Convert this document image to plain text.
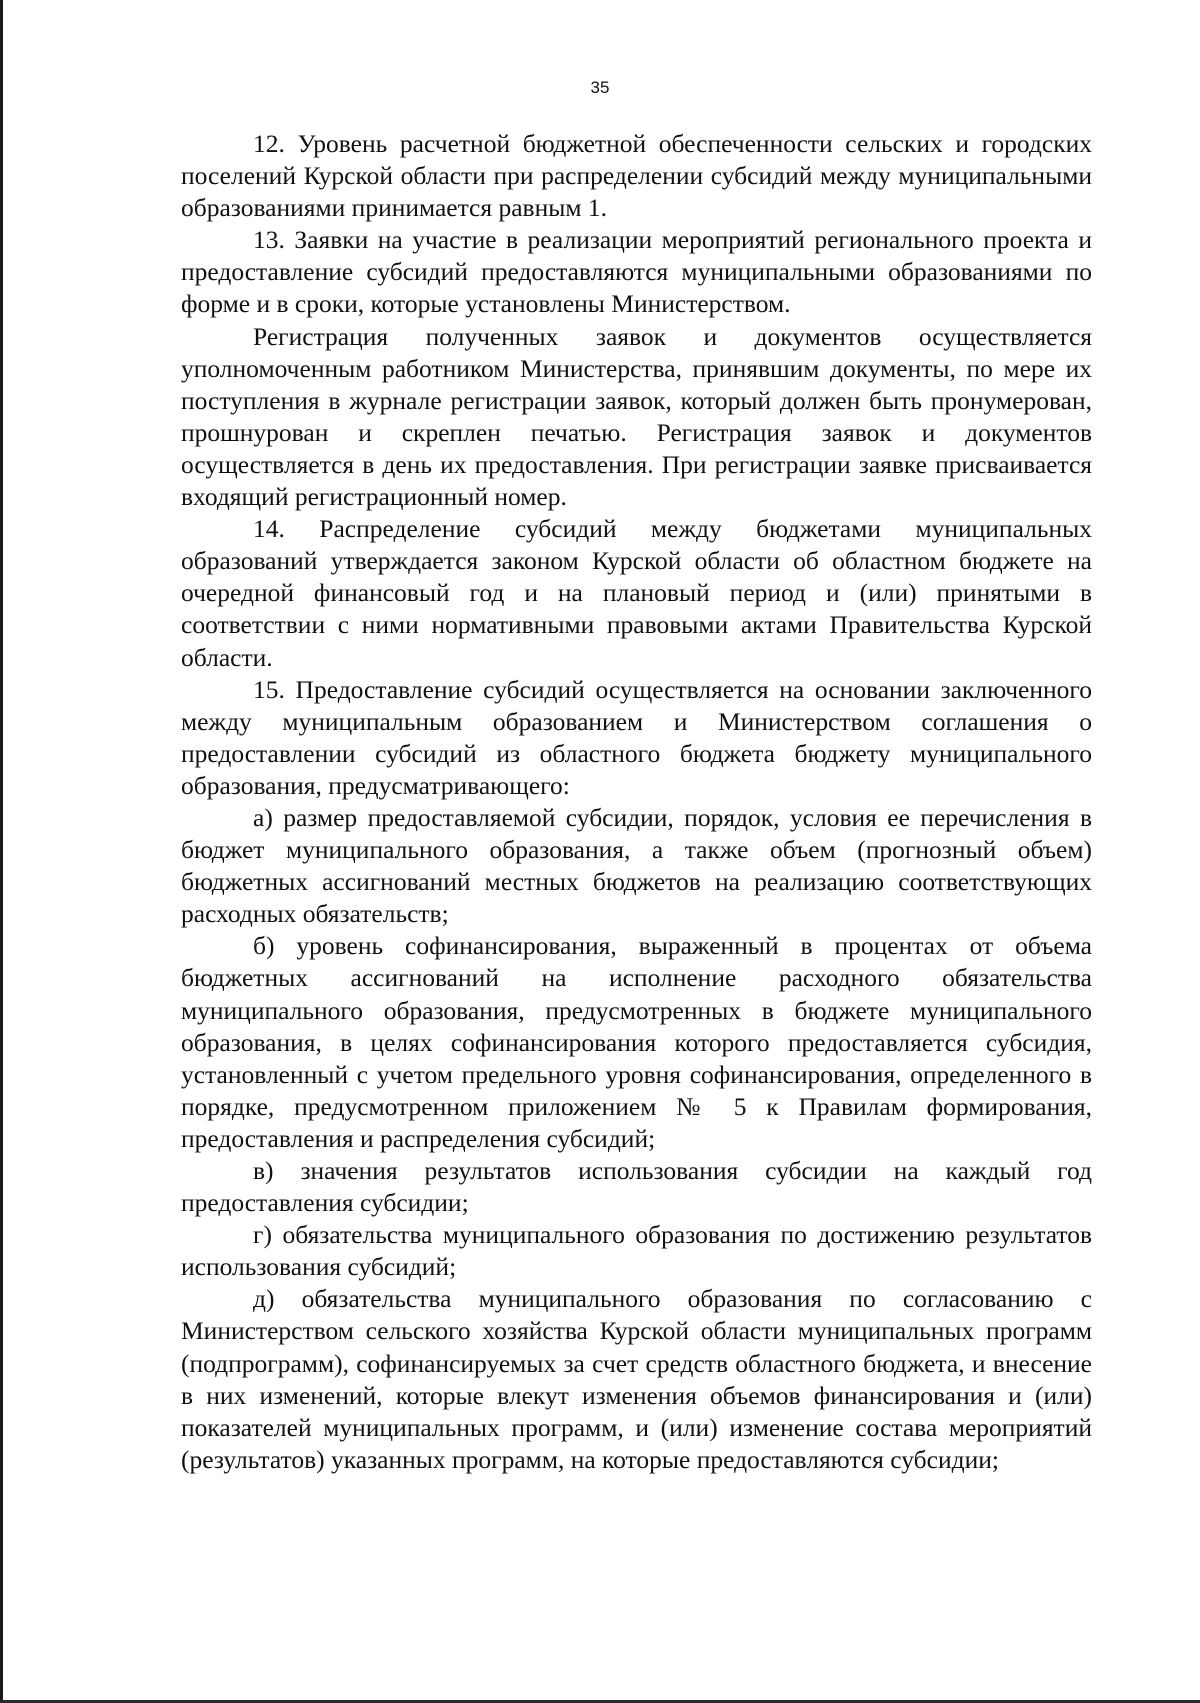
35

12. Уровень расчетной бюджетной обеспеченности сельских и городских поселений Курской области при распределении субсидий между муниципальными образованиями принимается равным 1.

13. Заявки на участие в реализации мероприятий регионального проекта и предоставление субсидий предоставляются муниципальными образованиями по форме и в сроки, которые установлены Министерством.

Регистрация полученных заявок и документов осуществляется уполномоченным работником Министерства, принявшим документы, по мере их поступления в журнале регистрации заявок, который должен быть пронумерован, прошнурован и скреплен печатью. Регистрация заявок и документов осуществляется в день их предоставления. При регистрации заявке присваивается входящий регистрационный номер.

14. Распределение субсидий между бюджетами муниципальных образований утверждается законом Курской области об областном бюджете на очередной финансовый год и на плановый период и (или) принятыми в соответствии с ними нормативными правовыми актами Правительства Курской области.

15. Предоставление субсидий осуществляется на основании заключенного между муниципальным образованием и Министерством соглашения о предоставлении субсидий из областного бюджета бюджету муниципального образования, предусматривающего:

а) размер предоставляемой субсидии, порядок, условия ее перечисления в бюджет муниципального образования, а также объем (прогнозный объем) бюджетных ассигнований местных бюджетов на реализацию соответствующих расходных обязательств;

б) уровень софинансирования, выраженный в процентах от объема бюджетных ассигнований на исполнение расходного обязательства муниципального образования, предусмотренных в бюджете муниципального образования, в целях софинансирования которого предоставляется субсидия, установленный с учетом предельного уровня софинансирования, определенного в порядке, предусмотренном приложением № 5 к Правилам формирования, предоставления и распределения субсидий;

в) значения результатов использования субсидии на каждый год предоставления субсидии;

г) обязательства муниципального образования по достижению результатов использования субсидий;

д) обязательства муниципального образования по согласованию с Министерством сельского хозяйства Курской области муниципальных программ (подпрограмм), софинансируемых за счет средств областного бюджета, и внесение в них изменений, которые влекут изменения объемов финансирования и (или) показателей муниципальных программ, и (или) изменение состава мероприятий (результатов) указанных программ, на которые предоставляются субсидии;
